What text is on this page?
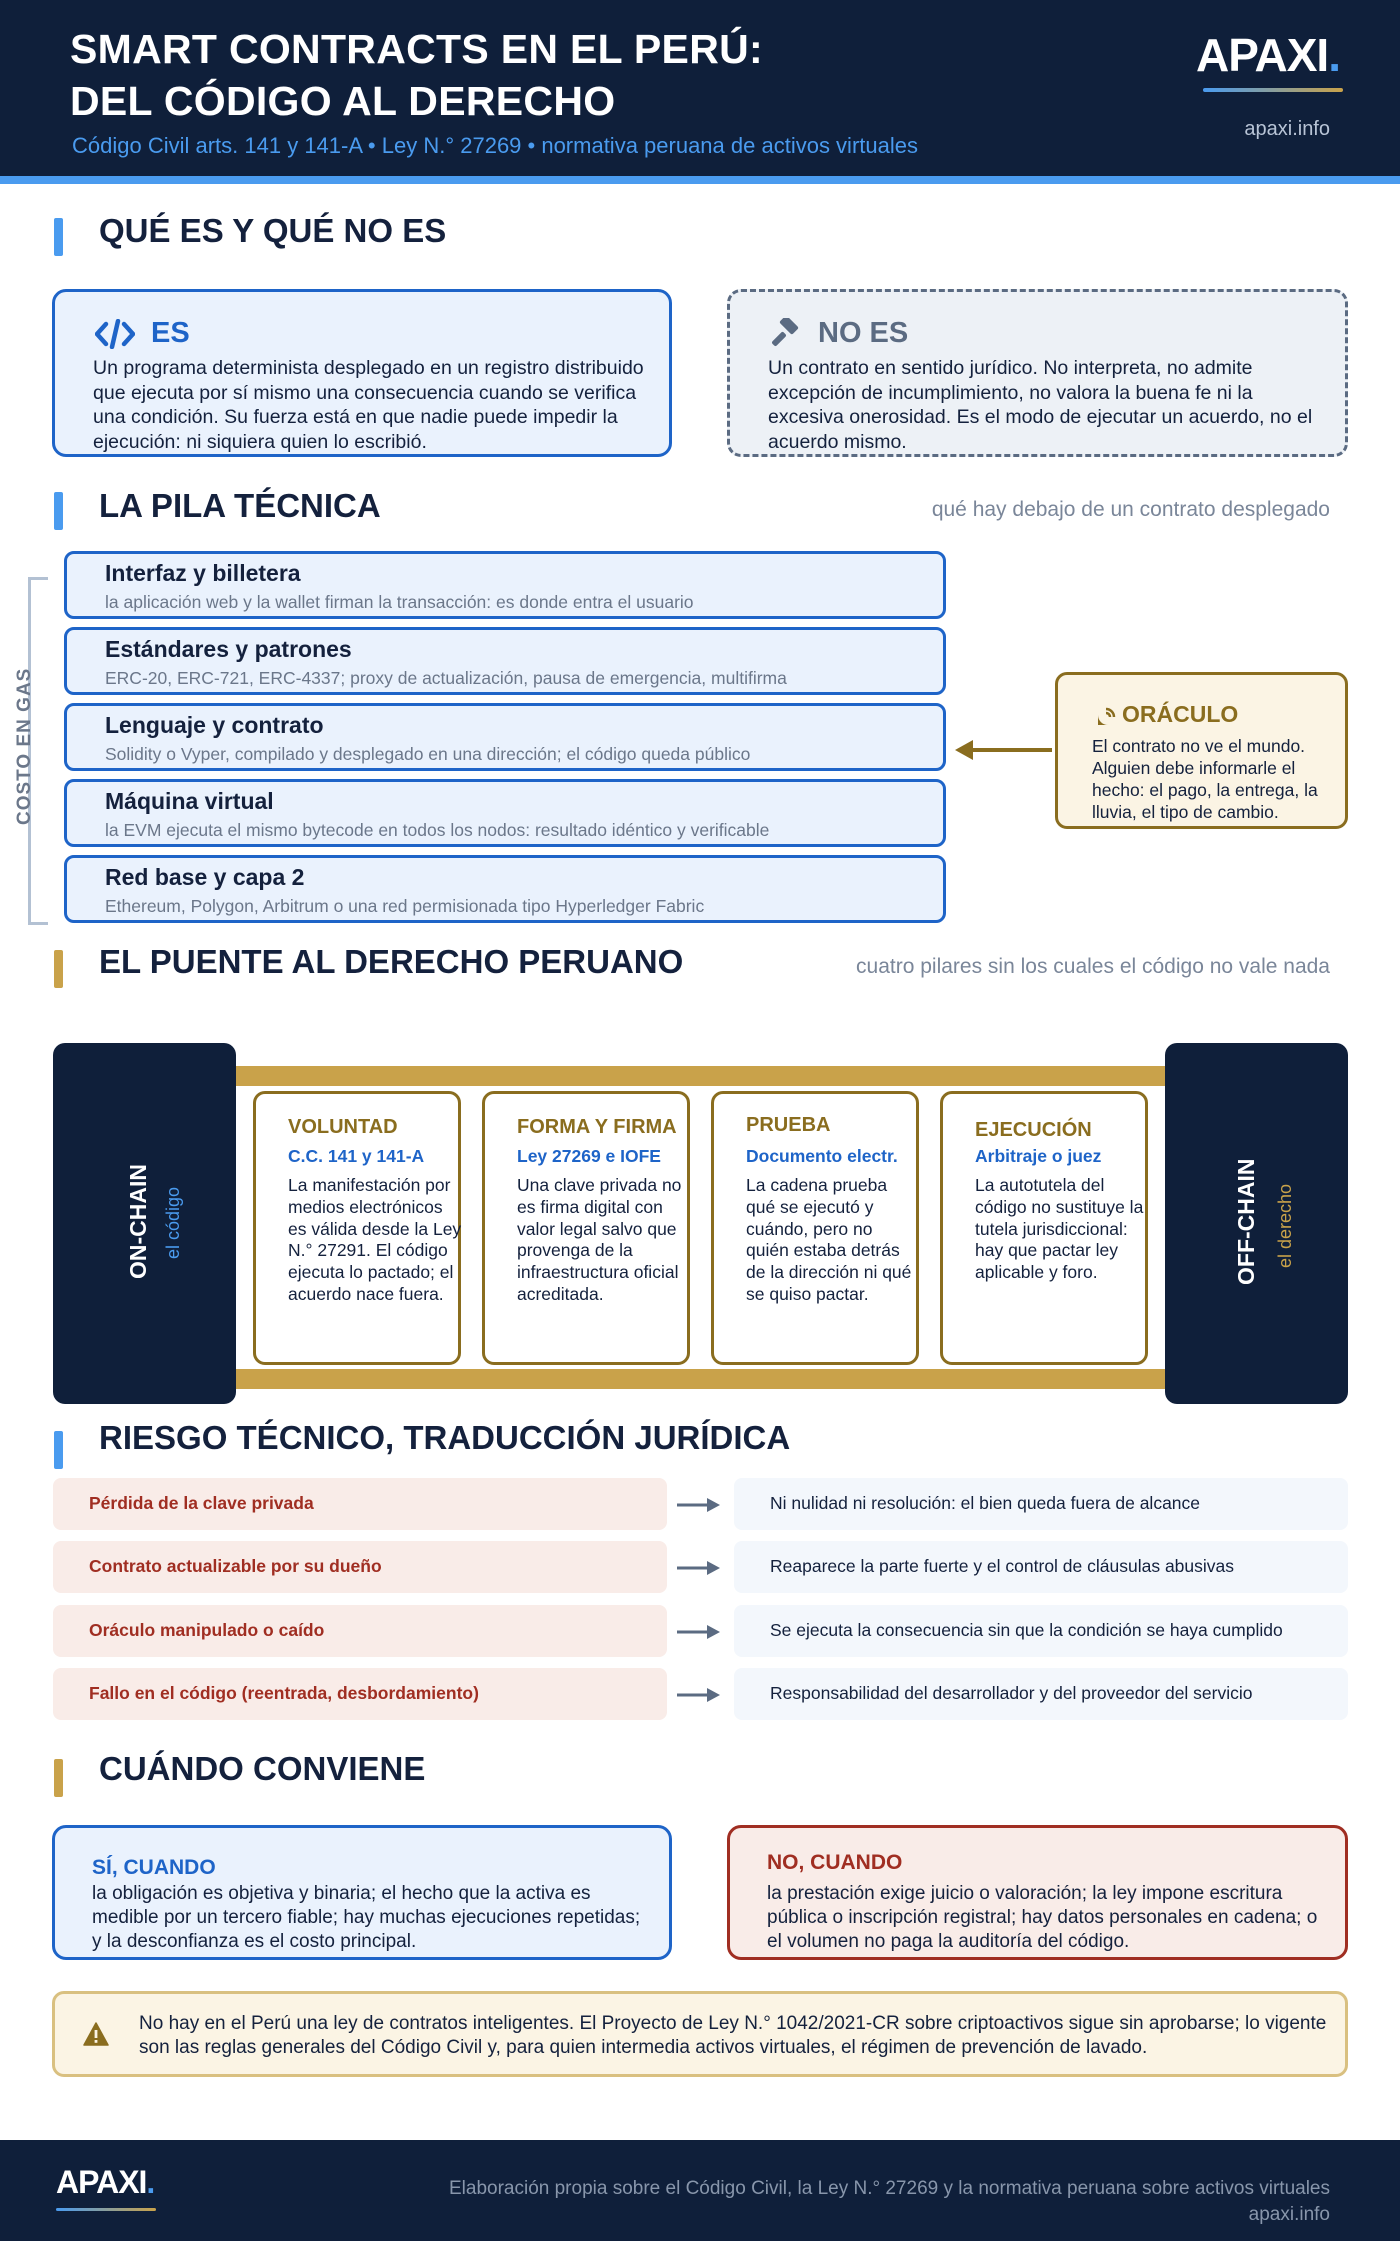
SMART CONTRACTS EN EL PERÚ:
DEL CÓDIGO AL DERECHO
Código Civil arts. 141 y 141-A • Ley N.° 27269 • normativa peruana de activos virtuales
APAXI.
apaxi.info
QUÉ ES Y QUÉ NO ES
ES
Un programa determinista desplegado en un registro distribuido que ejecuta por sí mismo una consecuencia cuando se verifica una condición. Su fuerza está en que nadie puede impedir la ejecución: ni siquiera quien lo escribió.
NO ES
Un contrato en sentido jurídico. No interpreta, no admite excepción de incumplimiento, no valora la buena fe ni la excesiva onerosidad. Es el modo de ejecutar un acuerdo, no el acuerdo mismo.
LA PILA TÉCNICA	qué hay debajo de un contrato desplegado
COSTO EN GAS
Interfaz y billetera
la aplicación web y la wallet firman la transacción: es donde entra el usuario
Estándares y patrones
ERC-20, ERC-721, ERC-4337; proxy de actualización, pausa de emergencia, multifirma
Lenguaje y contrato
Solidity o Vyper, compilado y desplegado en una dirección; el código queda público
Máquina virtual
la EVM ejecuta el mismo bytecode en todos los nodos: resultado idéntico y verificable
Red base y capa 2
Ethereum, Polygon, Arbitrum o una red permisionada tipo Hyperledger Fabric
ORÁCULO
El contrato no ve el mundo. Alguien debe informarle el hecho: el pago, la entrega, la lluvia, el tipo de cambio.
EL PUENTE AL DERECHO PERUANO	cuatro pilares sin los cuales el código no vale nada
ON-CHAIN el código	OFF-CHAIN el derecho
VOLUNTAD
C.C. 141 y 141-A
La manifestación por medios electrónicos es válida desde la Ley N.° 27291. El código ejecuta lo pactado; el acuerdo nace fuera.
FORMA Y FIRMA
Ley 27269 e IOFE
Una clave privada no es firma digital con valor legal salvo que provenga de la infraestructura oficial acreditada.
PRUEBA
Documento electr.
La cadena prueba qué se ejecutó y cuándo, pero no quién estaba detrás de la dirección ni qué se quiso pactar.
EJECUCIÓN
Arbitraje o juez
La autotutela del código no sustituye la tutela jurisdiccional: hay que pactar ley aplicable y foro.
RIESGO TÉCNICO, TRADUCCIÓN JURÍDICA
Pérdida de la clave privada	Ni nulidad ni resolución: el bien queda fuera de alcance
Contrato actualizable por su dueño	Reaparece la parte fuerte y el control de cláusulas abusivas
Oráculo manipulado o caído	Se ejecuta la consecuencia sin que la condición se haya cumplido
Fallo en el código (reentrada, desbordamiento)	Responsabilidad del desarrollador y del proveedor del servicio
CUÁNDO CONVIENE
SÍ, CUANDO
la obligación es objetiva y binaria; el hecho que la activa es medible por un tercero fiable; hay muchas ejecuciones repetidas; y la desconfianza es el costo principal.
NO, CUANDO
la prestación exige juicio o valoración; la ley impone escritura pública o inscripción registral; hay datos personales en cadena; o el volumen no paga la auditoría del código.
No hay en el Perú una ley de contratos inteligentes. El Proyecto de Ley N.° 1042/2021-CR sobre criptoactivos sigue sin aprobarse; lo vigente son las reglas generales del Código Civil y, para quien intermedia activos virtuales, el régimen de prevención de lavado.
APAXI.	Elaboración propia sobre el Código Civil, la Ley N.° 27269 y la normativa peruana sobre activos virtuales
apaxi.info
